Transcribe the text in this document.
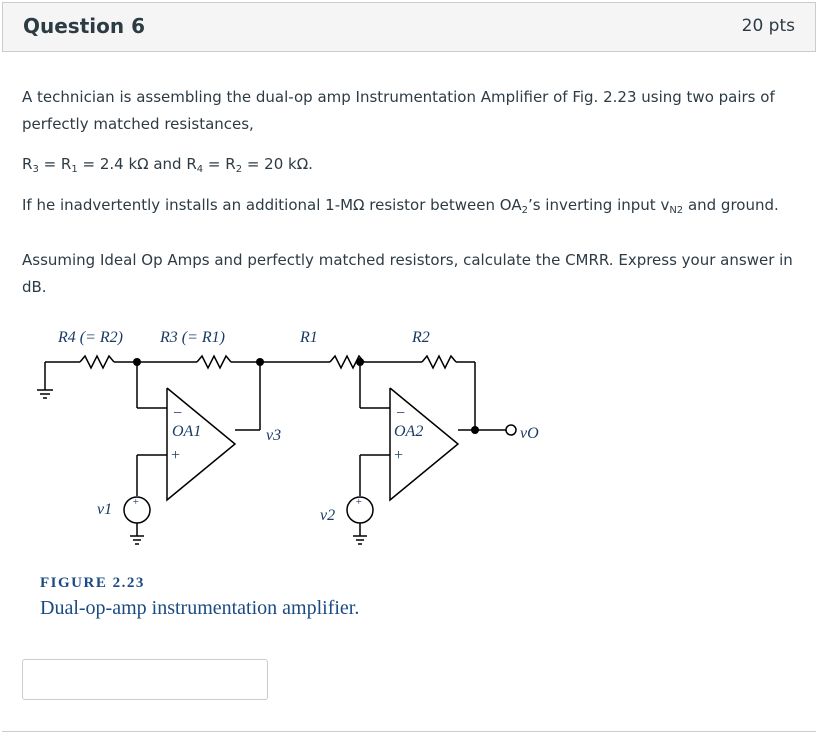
Question 6	20 pts
A technician is assembling the dual-op amp Instrumentation Amplifier of Fig. 2.23 using two pairs of perfectly matched resistances,
$R_3 = R_1 = 2.4$ kΩ and $R_4 = R_2 = 20$ kΩ.
If he inadvertently installs an additional 1-MΩ resistor between $OA_2’s$ inverting input $v_{N2}$ and ground.
Assuming Ideal Op Amps and perfectly matched resistors, calculate the CMRR. Express your answer in dB.
R4 (= R2) R3 (= R1)	R1	R2
OA1	OA2
v3
v1	v2
vO
−
+
−
+
+	+
FIGURE 2.23
Dual-op-amp instrumentation amplifier.
